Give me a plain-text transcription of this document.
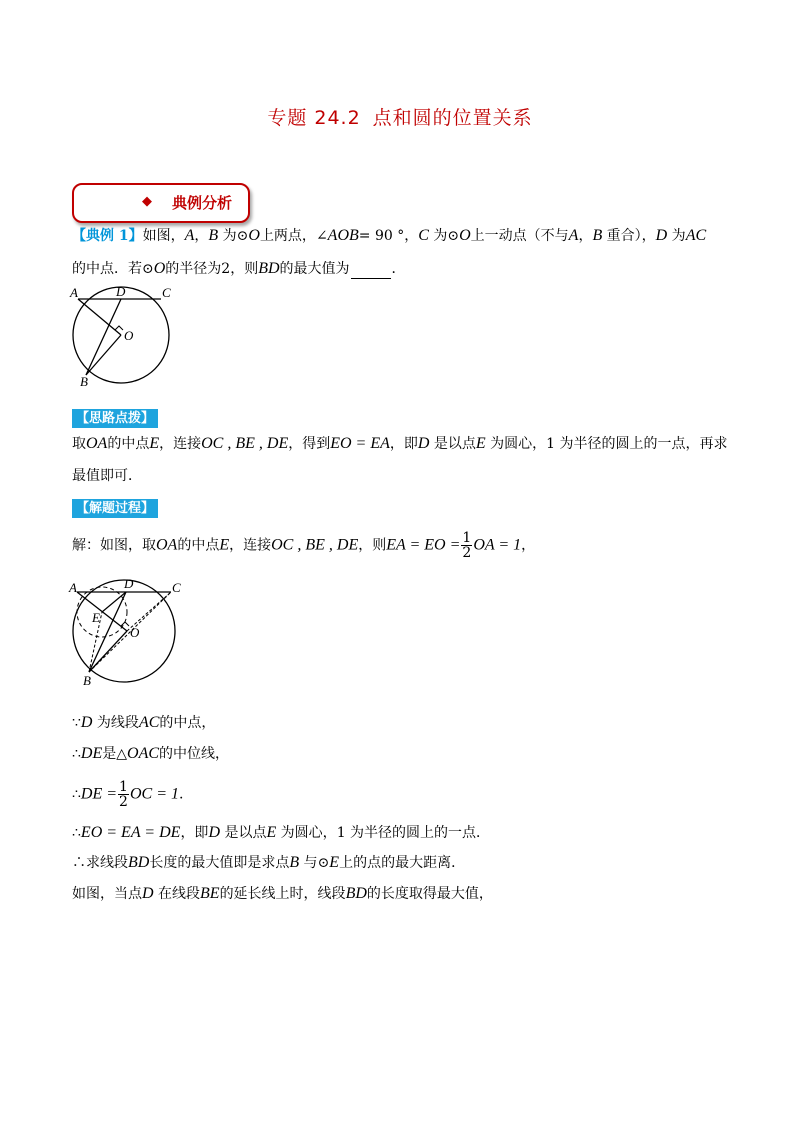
专题 24.2 点和圆的位置关系
◆ 典例分析
【典例 1】如图，A，B 为⊙O上两点，∠AOB= 90 °，C 为⊙O上一动点（不与A，B 重合），D 为AC
的中点．若⊙O的半径为2，则BD的最大值为	．
A	D	C
O
B
【思路点拨】
取OA的中点E，连接OC , BE , DE，得到EO = EA，即D 是以点E 为圆心，1 为半径的圆上的一点，再求
最值即可．
【解题过程】
解：如图，取OA的中点E，连接OC , BE , DE，则EA = EO = $\frac{1}{2}$ OA = 1，
A	D	C
E
O
B
∵D 为线段AC的中点，
∴DE是△OAC的中位线，
∴DE = $\frac{1}{2}$ OC = 1.
∴EO = EA = DE，即D 是以点E 为圆心，1 为半径的圆上的一点．
∴求线段BD长度的最大值即是求点B 与⊙E上的点的最大距离．
如图，当点D 在线段BE的延长线上时，线段BD的长度取得最大值，
